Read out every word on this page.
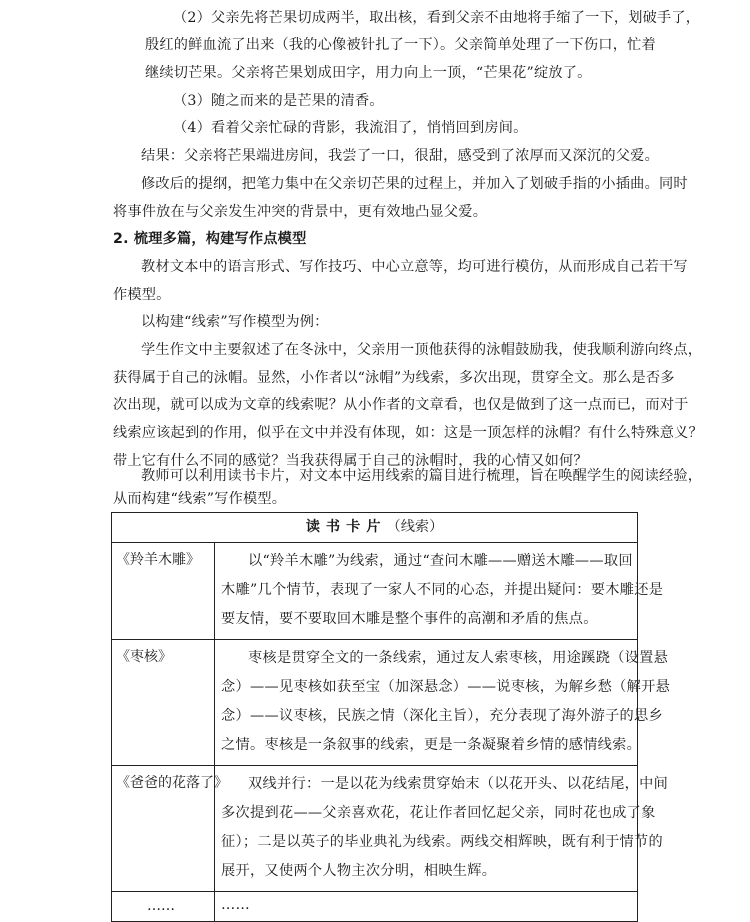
（2）父亲先将芒果切成两半，取出核，看到父亲不由地将手缩了一下，划破手了，
殷红的鲜血流了出来（我的心像被针扎了一下）。父亲简单处理了一下伤口，忙着
继续切芒果。父亲将芒果划成田字，用力向上一顶，“芒果花”绽放了。
（3）随之而来的是芒果的清香。
（4）看着父亲忙碌的背影，我流泪了，悄悄回到房间。
结果：父亲将芒果端进房间，我尝了一口，很甜，感受到了浓厚而又深沉的父爱。
修改后的提纲，把笔力集中在父亲切芒果的过程上，并加入了划破手指的小插曲。同时
将事件放在与父亲发生冲突的背景中，更有效地凸显父爱。
2. 梳理多篇，构建写作点模型
教材文本中的语言形式、写作技巧、中心立意等，均可进行模仿，从而形成自己若干写
作模型。
以构建“线索”写作模型为例：
学生作文中主要叙述了在冬泳中，父亲用一顶他获得的泳帽鼓励我，使我顺利游向终点，
获得属于自己的泳帽。显然，小作者以“泳帽”为线索，多次出现，贯穿全文。那么是否多
次出现，就可以成为文章的线索呢？从小作者的文章看，也仅是做到了这一点而已，而对于
线索应该起到的作用，似乎在文中并没有体现，如：这是一顶怎样的泳帽？有什么特殊意义？
带上它有什么不同的感觉？当我获得属于自己的泳帽时，我的心情又如何？
读书卡片（线索）	
《羚羊木雕》	以“羚羊木雕”为线索，通过“查问木雕——赠送木雕——取回
木雕”几个情节，表现了一家人不同的心态，并提出疑问：要木雕还是
要友情，要不要取回木雕是整个事件的高潮和矛盾的焦点。

《枣核》	枣核是贯穿全文的一条线索，通过友人索枣核，用途蹊跷（设置悬
念）——见枣核如获至宝（加深悬念）——说枣核，为解乡愁（解开悬
念）——议枣核，民族之情（深化主旨），充分表现了海外游子的思乡
之情。枣核是一条叙事的线索，更是一条凝聚着乡情的感情线索。

《爸爸的花落了》	双线并行：一是以花为线索贯穿始末（以花开头、以花结尾，中间
多次提到花——父亲喜欢花，花让作者回忆起父亲，同时花也成了象
征）；二是以英子的毕业典礼为线索。两线交相辉映，既有利于情节的
展开，又使两个人物主次分明，相映生辉。

……	……
教师可以利用读书卡片，对文本中运用线索的篇目进行梳理，旨在唤醒学生的阅读经验，
从而构建“线索”写作模型。
